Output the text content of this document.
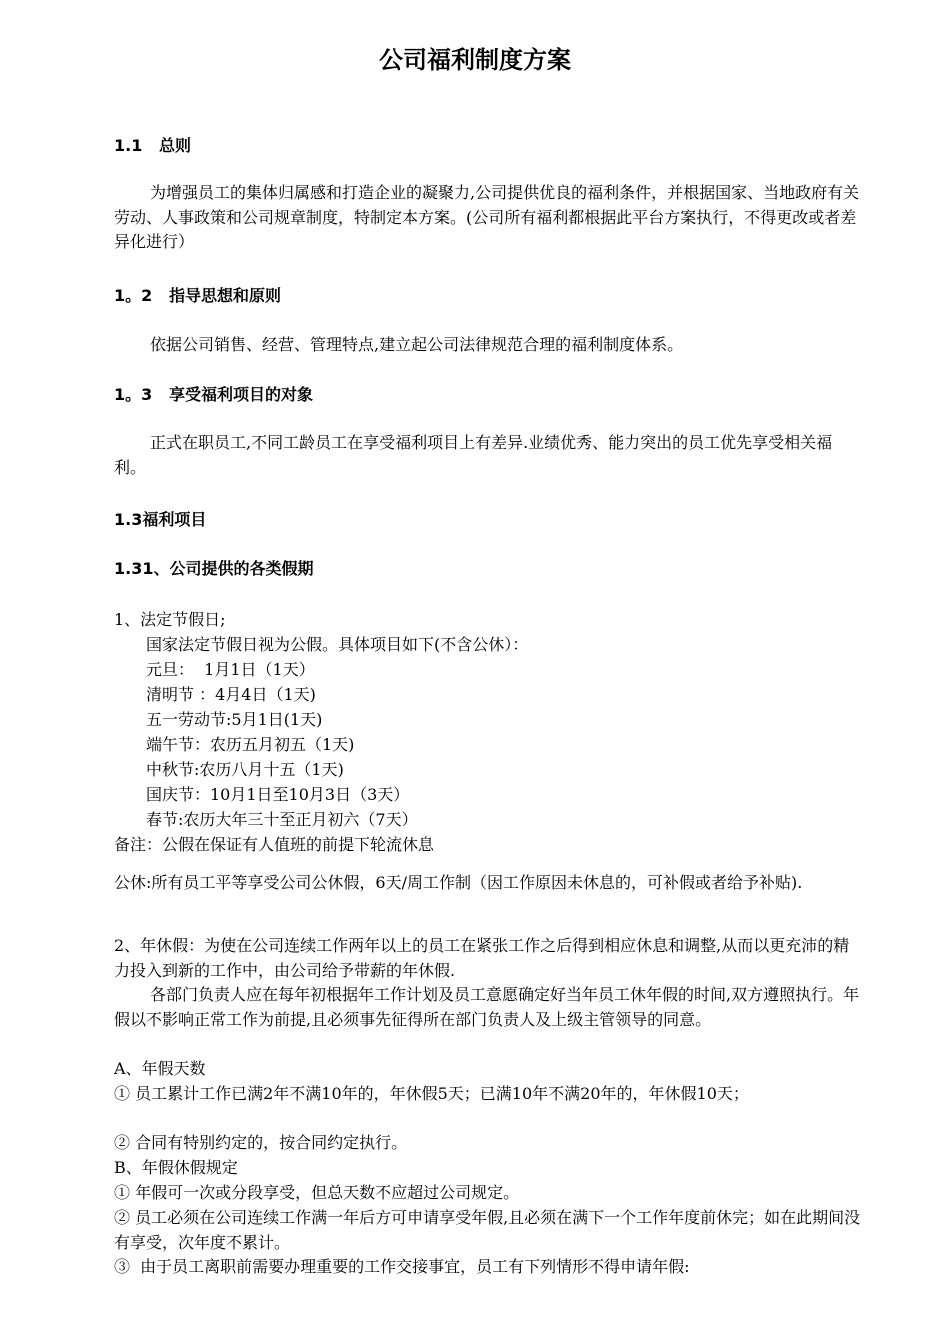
公司福利制度方案
1.1   总则

为增强员工的集体归属感和打造企业的凝聚力,公司提供优良的福利条件，并根据国家、当地政府有关劳动、人事政策和公司规章制度，特制定本方案。(公司所有福利都根据此平台方案执行，不得更改或者差异化进行）

1。2   指导思想和原则

依据公司销售、经营、管理特点,建立起公司法律规范合理的福利制度体系。

1。3   享受福利项目的对象

正式在职员工,不同工龄员工在享受福利项目上有差异.业绩优秀、能力突出的员工优先享受相关福利。

1.3福利项目
1.31、公司提供的各类假期
1、法定节假日;
国家法定节假日视为公假。具体项目如下(不含公休）：
元旦：  1月1日（1天）
清明节 ：4月4日（1天)
五一劳动节:5月1日(1天)
端午节：农历五月初五（1天)
中秋节:农历八月十五（1天)
国庆节：10月1日至10月3日（3天）
春节:农历大年三十至正月初六（7天）
备注：公假在保证有人值班的前提下轮流休息

公休:所有员工平等享受公司公休假，6天/周工作制（因工作原因未休息的，可补假或者给予补贴).

2、年休假：为使在公司连续工作两年以上的员工在紧张工作之后得到相应休息和调整,从而以更充沛的精力投入到新的工作中，由公司给予带薪的年休假.

各部门负责人应在每年初根据年工作计划及员工意愿确定好当年员工休年假的时间,双方遵照执行。年假以不影响正常工作为前提,且必须事先征得所在部门负责人及上级主管领导的同意。

A、年假天数

① 员工累计工作已满2年不满10年的，年休假5天；已满10年不满20年的，年休假10天；

② 合同有特别约定的，按合同约定执行。
B、年假休假规定
① 年假可一次或分段享受，但总天数不应超过公司规定。

② 员工必须在公司连续工作满一年后方可申请享受年假,且必须在满下一个工作年度前休完；如在此期间没有享受，次年度不累计。

③  由于员工离职前需要办理重要的工作交接事宜，员工有下列情形不得申请年假:
